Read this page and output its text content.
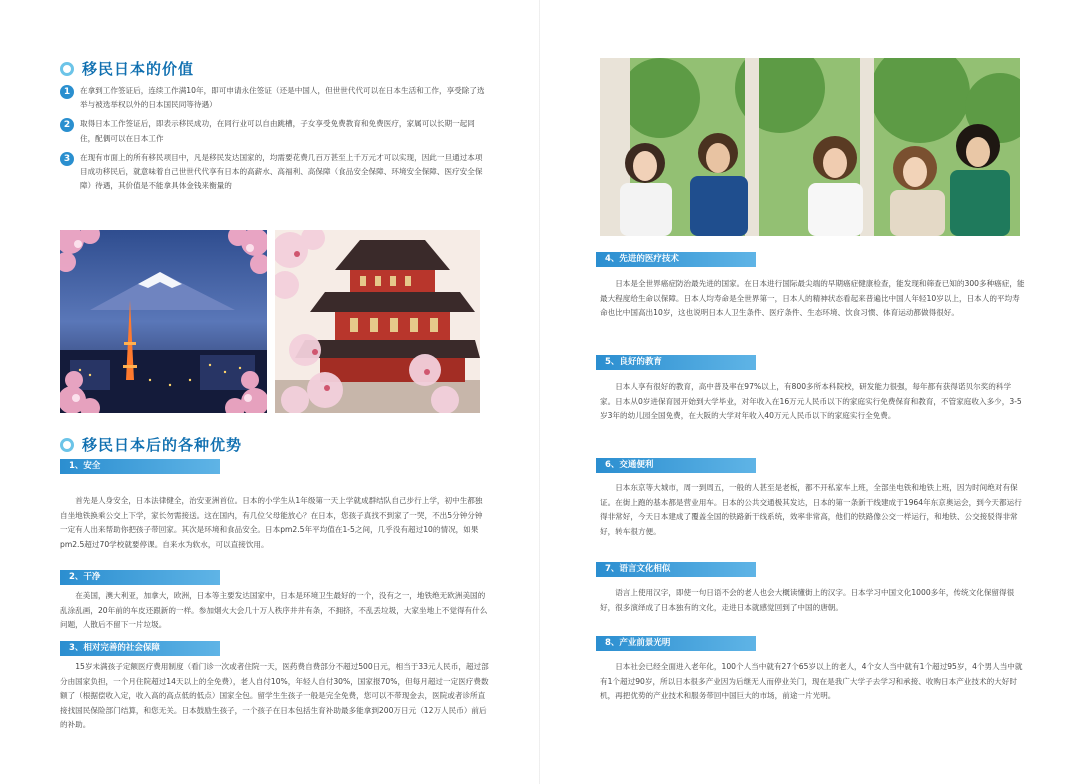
移民日本的价值
1	在拿到工作签证后，连续工作满10年，即可申请永住签证（还是中国人，但世世代代可以在日本生活和工作，享受除了选举与被选举权以外的日本国民同等待遇）
2	取得日本工作签证后，即表示移民成功，在同行业可以自由跳槽，子女享受免费教育和免费医疗，家属可以长期一起同住，配偶可以在日本工作
3	在现有市面上的所有移民项目中，凡是移民发达国家的，均需要花费几百万甚至上千万元才可以实现，因此一旦通过本项目成功移民后，就意味着自己世世代代享有日本的高薪水、高福利、高保障（食品安全保障、环境安全保障、医疗安全保障）待遇，其价值是不能拿具体金钱来衡量的
移民日本后的各种优势
1、安全
首先是人身安全，日本法律健全，治安亚洲首位。日本的小学生从1年级第一天上学就成群结队自己步行上学，初中生都独自坐地铁换乘公交上下学，家长勿需接送。这在国内，有几位父母能放心？在日本，您孩子真找不到家了一哭，不出5分钟分钟一定有人出来帮助你把孩子带回家。其次是环境和食品安全。日本pm2.5年平均值在1-5之间，几乎没有超过10的情况，如果pm2.5超过70学校就要停课。自来水为软水，可以直接饮用。
2、干净
在美国，澳大利亚，加拿大，欧洲，日本等主要发达国家中，日本是环境卫生最好的一个，没有之一，地铁绝无欧洲美国的乱涂乱画，20年前的车皮还跟新的一样。参加烟火大会几十万人秩序井井有条，不拥挤，不乱丢垃圾，大家坐地上不觉得有什么问题，人散后不留下一片垃圾。
3、相对完善的社会保障
15岁未满孩子定额医疗费用制度（看门诊一次或者住院一天，医药费自费部分不超过500日元，相当于33元人民币，超过部分由国家负担，一个月住院超过14天以上的全免费），老人自付10%，年轻人自付30%，国家报70%，但每月超过一定医疗费数额了（根据偿收入定，收入高的高点低的低点）国家全包。留学生生孩子一般是完全免费，您可以不带现金去，医院或者诊所直接找国民保险部门结算，和您无关。日本鼓励生孩子，一个孩子在日本包括生育补助最多能拿到200万日元（12万人民币）前后的补助。
4、先进的医疗技术
日本是全世界癌症防治最先进的国家。在日本进行国际最尖端的早期癌症健康检查，能发现和筛查已知的300多种癌症，能最大程度给生命以保障。日本人均寿命是全世界第一，日本人的精神状态看起来普遍比中国人年轻10岁以上，日本人的平均寿命也比中国高出10岁，这也说明日本人卫生条件、医疗条件、生态环境、饮食习惯、体育运动都做得很好。
5、良好的教育
日本人享有很好的教育，高中普及率在97%以上，有800多所本科院校，研发能力很强，每年都有获得诺贝尔奖的科学家。日本从0岁进保育园开始到大学毕业，对年收入在16万元人民币以下的家庭实行免费保育和教育，不管家庭收入多少，3-5岁3年的幼儿园全国免费，在大阪的大学对年收入40万元人民币以下的家庭实行全免费。
6、交通便利
日本东京等大城市，周一到周五，一般的人甚至是老板，都不开私家车上班，全部坐电铁和地铁上班，因为时间绝对有保证。在街上跑的基本都是营业用车。日本的公共交通极其发达，日本的第一条新干线建成于1964年东京奥运会，到今天都运行得非常好，今天日本建成了覆盖全国的铁路新干线系统，效率非常高，他们的铁路像公交一样运行，和地铁、公交接驳得非常好，转车很方便。
7、语言文化相似
语言上使用汉字，即使一句日语不会的老人也会大概读懂街上的汉字。日本学习中国文化1000多年，传统文化保留得很好，很多演绎成了日本独有的文化，走进日本就感觉回到了中国的唐朝。
8、产业前景光明
日本社会已经全面进入老年化，100个人当中就有27个65岁以上的老人，4个女人当中就有1个超过95岁，4个男人当中就有1个超过90岁，所以日本很多产业因为后继无人而停业关门，现在是我广大学子去学习和承接、收购日本产业技术的大好时机，再把优势的产业技术和服务带回中国巨大的市场，前途一片光明。
